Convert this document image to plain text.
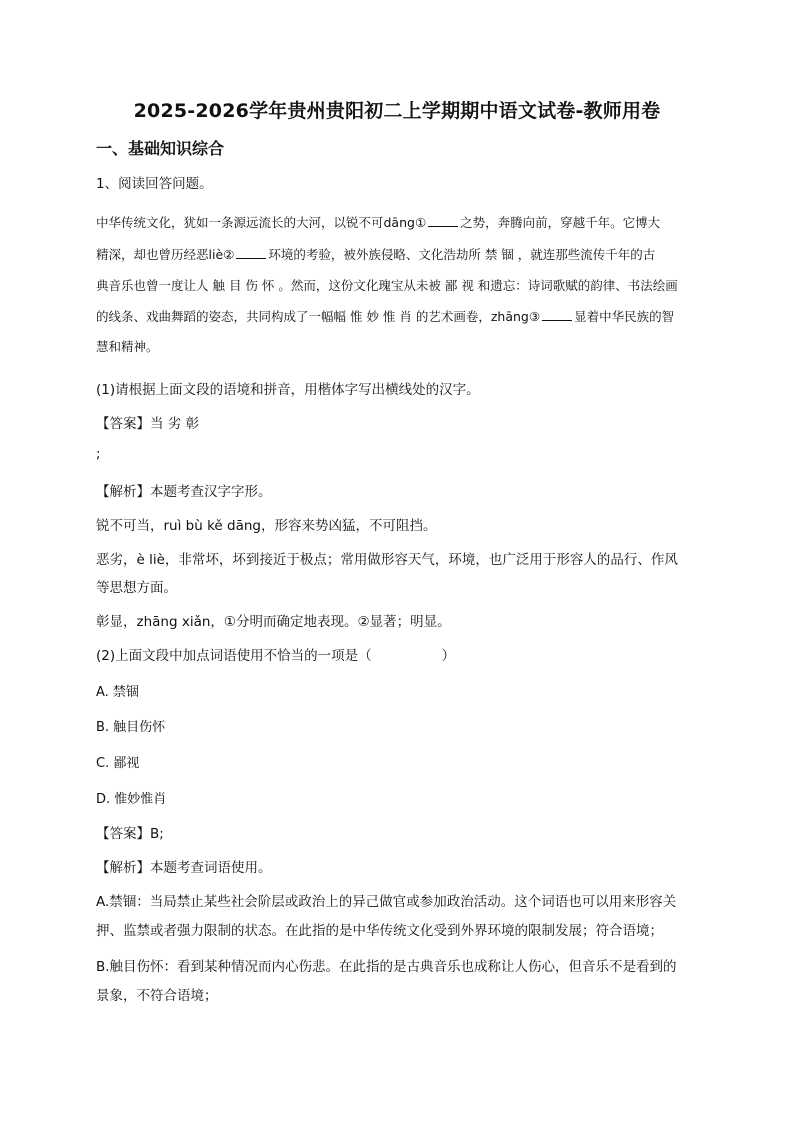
2025-2026学年贵州贵阳初二上学期期中语文试卷-教师用卷
一、基础知识综合
1、阅读回答问题。
中华传统文化，犹如一条源远流长的大河，以锐不可dāng①	之势，奔腾向前，穿越千年。它博大
精深，却也曾历经恶liè②	环境的考验，被外族侵略、文化浩劫所 禁 锢 ，就连那些流传千年的古
典音乐也曾一度让人 触 目 伤 怀 。然而，这份文化瑰宝从未被 鄙 视 和遗忘：诗词歌赋的韵律、书法绘画
的线条、戏曲舞蹈的姿态，共同构成了一幅幅 惟 妙 惟 肖 的艺术画卷，zhāng③	显着中华民族的智
慧和精神。
(1)请根据上面文段的语境和拼音，用楷体字写出横线处的汉字。
【答案】当 劣 彰
;
【解析】本题考查汉字字形。
锐不可当，ruì bù kě dāng，形容来势凶猛，不可阻挡。
恶劣，è liè，非常坏，坏到接近于极点；常用做形容天气，环境，也广泛用于形容人的品行、作风
等思想方面。
彰显，zhāng xiǎn，①分明而确定地表现。②显著；明显。
(2)上面文段中加点词语使用不恰当的一项是（	）
A. 禁锢
B. 触目伤怀
C. 鄙视
D. 惟妙惟肖
【答案】B;
【解析】本题考查词语使用。
A.禁锢：当局禁止某些社会阶层或政治上的异己做官或参加政治活动。这个词语也可以用来形容关
押、监禁或者强力限制的状态。在此指的是中华传统文化受到外界环境的限制发展；符合语境；
B.触目伤怀：看到某种情况而内心伤悲。在此指的是古典音乐也成称让人伤心，但音乐不是看到的
景象，不符合语境；
